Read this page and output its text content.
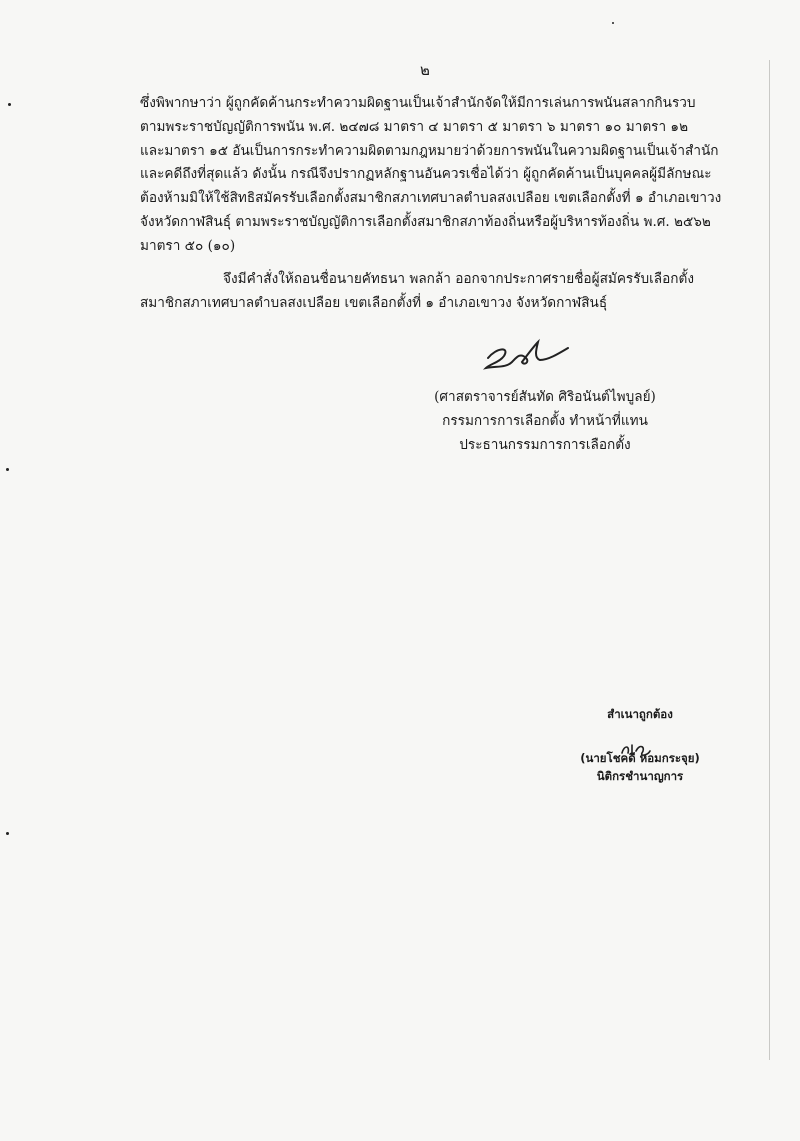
๒
ซึ่งพิพากษาว่า ผู้ถูกคัดค้านกระทำความผิดฐานเป็นเจ้าสำนักจัดให้มีการเล่นการพนันสลากกินรวบ
ตามพระราชบัญญัติการพนัน พ.ศ. ๒๔๗๘ มาตรา ๔ มาตรา ๕ มาตรา ๖ มาตรา ๑๐ มาตรา ๑๒
และมาตรา ๑๕ อันเป็นการกระทำความผิดตามกฎหมายว่าด้วยการพนันในความผิดฐานเป็นเจ้าสำนัก
และคดีถึงที่สุดแล้ว ดังนั้น กรณีจึงปรากฏหลักฐานอันควรเชื่อได้ว่า ผู้ถูกคัดค้านเป็นบุคคลผู้มีลักษณะ
ต้องห้ามมิให้ใช้สิทธิสมัครรับเลือกตั้งสมาชิกสภาเทศบาลตำบลสงเปลือย เขตเลือกตั้งที่ ๑ อำเภอเขาวง
จังหวัดกาฬสินธุ์ ตามพระราชบัญญัติการเลือกตั้งสมาชิกสภาท้องถิ่นหรือผู้บริหารท้องถิ่น พ.ศ. ๒๕๖๒
มาตรา ๕๐ (๑๐)
จึงมีคำสั่งให้ถอนชื่อนายคัทธนา พลกล้า ออกจากประกาศรายชื่อผู้สมัครรับเลือกตั้ง
สมาชิกสภาเทศบาลตำบลสงเปลือย เขตเลือกตั้งที่ ๑ อำเภอเขาวง จังหวัดกาฬสินธุ์
(ศาสตราจารย์สันทัด ศิริอนันต์ไพบูลย์)
กรรมการการเลือกตั้ง ทำหน้าที่แทน
ประธานกรรมการการเลือกตั้ง
สำเนาถูกต้อง
(นายโชคดี หอมกระจุย)
นิติกรชำนาญการ
